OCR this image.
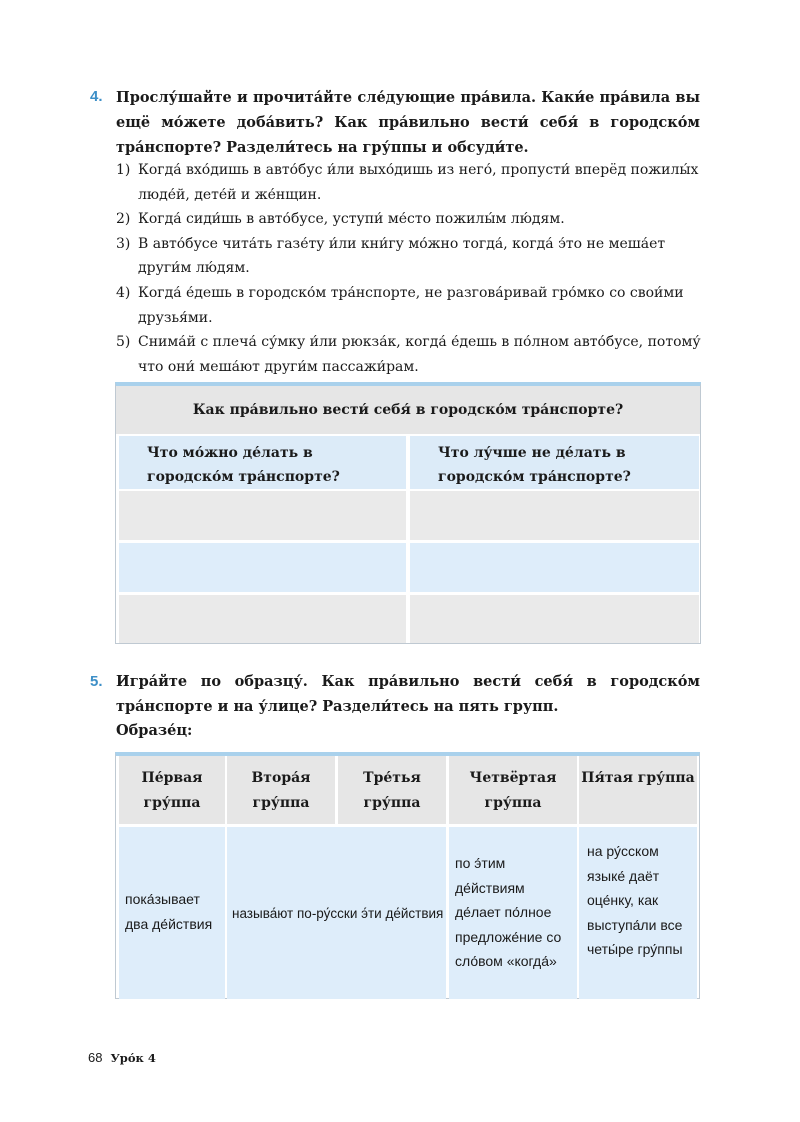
4. Прослу́шайте и прочита́йте сле́дующие пра́вила. Каки́е пра́вила вы ещё мо́жете доба́вить? Как пра́вильно вести́ себя́ в городско́м тра́нспорте? Раздели́тесь на гру́ппы и обсуди́те.
1) Когда́ вхо́дишь в авто́бус и́ли выхо́дишь из него́, пропусти́ вперёд пожилы́х люде́й, дете́й и же́нщин.
2) Когда́ сиди́шь в авто́бусе, уступи́ ме́сто пожилы́м лю́дям.
3) В авто́бусе чита́ть газе́ту и́ли кни́гу мо́жно тогда́, когда́ э́то не меша́ет други́м лю́дям.
4) Когда́ е́дешь в городско́м тра́нспорте, не разгова́ривай гро́мко со свои́ми друзья́ми.
5) Снима́й с плеча́ су́мку и́ли рюкза́к, когда́ е́дешь в по́лном авто́бусе, потому́ что они́ меша́ют други́м пассажи́рам.
Как пра́вильно вести́ себя́ в городско́м тра́нспорте?
Что мо́жно де́лать в городско́м тра́нспорте?
Что лу́чше не де́лать в городско́м тра́нспорте?
5. Игра́йте по образцу́. Как пра́вильно вести́ себя́ в городско́м тра́нспорте и на у́лице? Раздели́тесь на пять групп.
Образе́ц:
Пе́рвая гру́ппа
Втора́я гру́ппа
Тре́тья гру́ппа
Четвёртая гру́ппа
Пя́тая гру́ппа
пока́зывает два де́йствия
называ́ют по-ру́сски э́ти де́йствия
по э́тим де́йствиям де́лает по́лное предложе́ние со сло́вом «когда́»
на ру́сском языке́ даёт оце́нку, как выступа́ли все четы́ре гру́ппы
68 Уро́к 4
